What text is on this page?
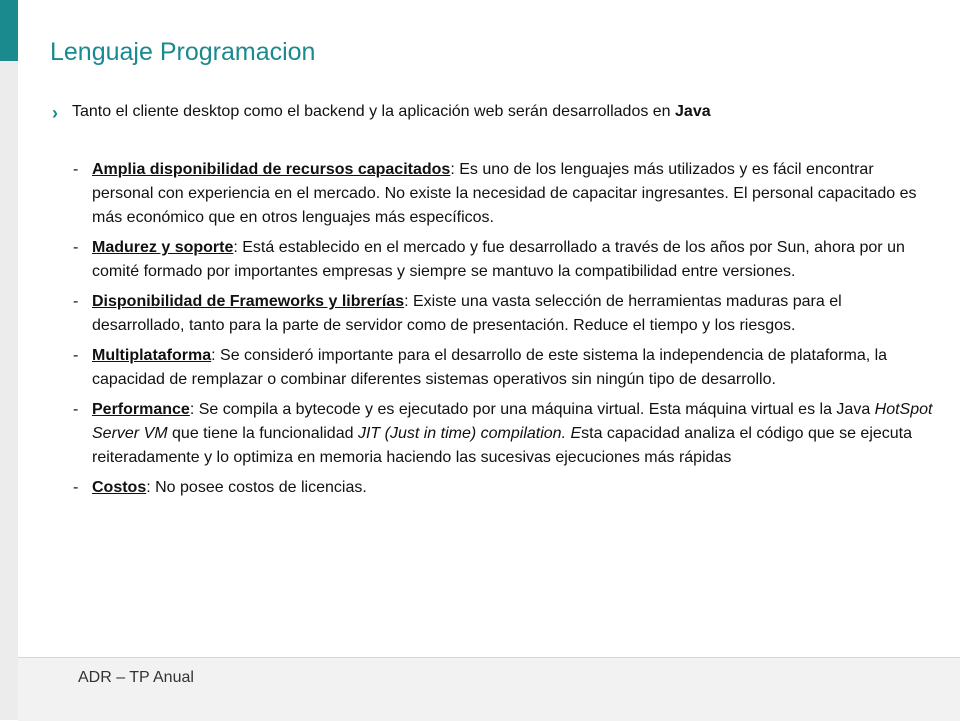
Lenguaje Programacion
› Tanto el cliente desktop como el backend y la aplicación web serán desarrollados en Java
- Amplia disponibilidad de recursos capacitados: Es uno de los lenguajes más utilizados y es fácil encontrar personal con experiencia en el mercado. No existe la necesidad de capacitar ingresantes. El personal capacitado es más económico que en otros lenguajes más específicos.
- Madurez y soporte: Está establecido en el mercado y fue desarrollado a través de los años por Sun, ahora por un comité formado por importantes empresas y siempre se mantuvo la compatibilidad entre versiones.
- Disponibilidad de Frameworks y librerías: Existe una vasta selección de herramientas maduras para el desarrollado, tanto para la parte de servidor como de presentación. Reduce el tiempo y los riesgos.
- Multiplataforma: Se consideró importante para el desarrollo de este sistema la independencia de plataforma, la capacidad de remplazar o combinar diferentes sistemas operativos sin ningún tipo de desarrollo.
- Performance: Se compila a bytecode y es ejecutado por una máquina virtual. Esta máquina virtual es la Java HotSpot Server VM que tiene la funcionalidad JIT (Just in time) compilation. Esta capacidad analiza el código que se ejecuta reiteradamente y lo optimiza en memoria haciendo las sucesivas ejecuciones más rápidas
- Costos: No posee costos de licencias.
ADR – TP Anual
